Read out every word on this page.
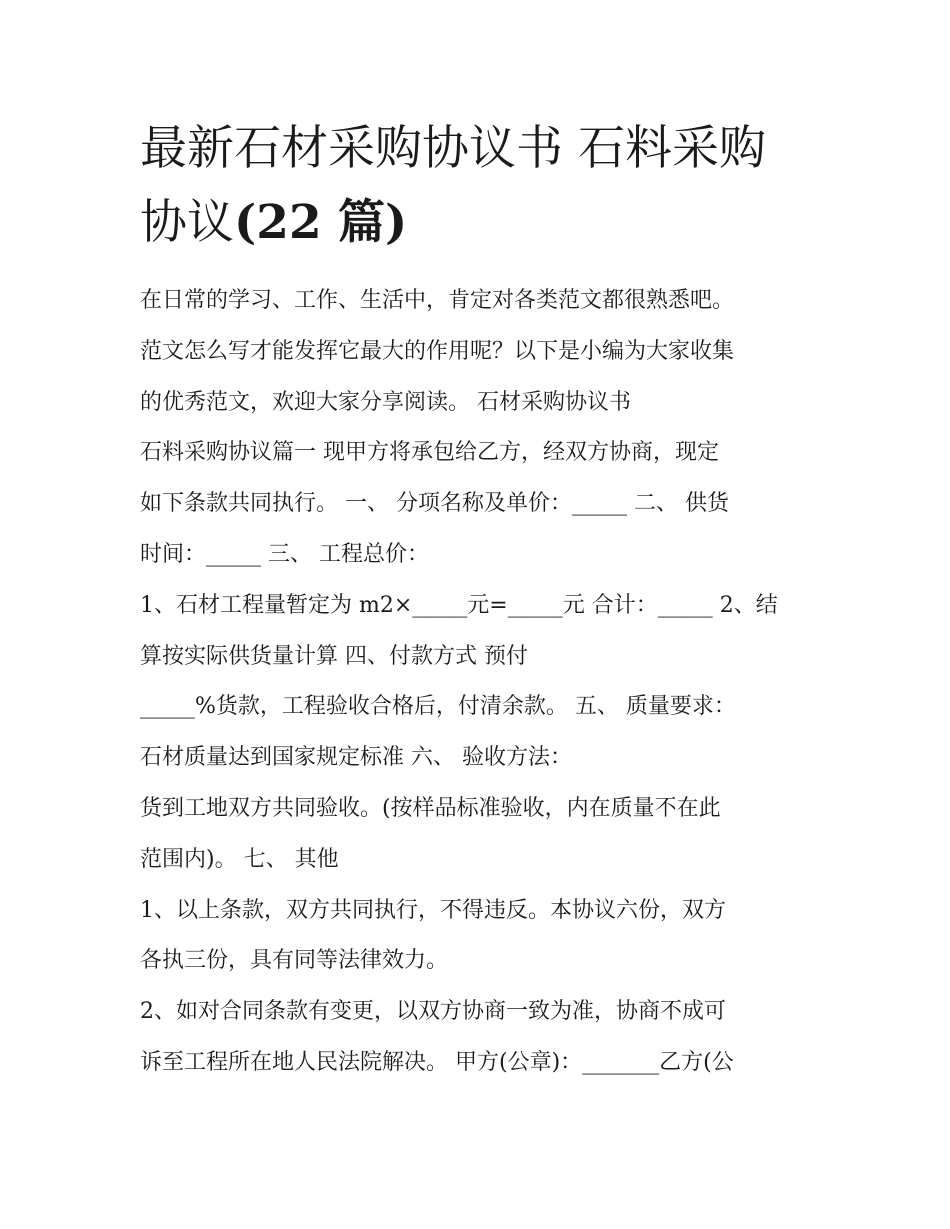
最新石材采购协议书 石料采购
协议(22 篇)
在日常的学习、工作、生活中，肯定对各类范文都很熟悉吧。
范文怎么写才能发挥它最大的作用呢？以下是小编为大家收集
的优秀范文，欢迎大家分享阅读。 石材采购协议书
石料采购协议篇一 现甲方将承包给乙方，经双方协商，现定
如下条款共同执行。 一、 分项名称及单价：_____ 二、 供货
时间：_____ 三、 工程总价：
1、石材工程量暂定为 m2×_____元=_____元 合计：_____ 2、结
算按实际供货量计算 四、付款方式 预付
_____%货款，工程验收合格后，付清余款。 五、 质量要求：
石材质量达到国家规定标准 六、 验收方法：
货到工地双方共同验收。(按样品标准验收，内在质量不在此
范围内)。 七、 其他
1、以上条款，双方共同执行，不得违反。本协议六份，双方
各执三份，具有同等法律效力。
2、如对合同条款有变更，以双方协商一致为准，协商不成可
诉至工程所在地人民法院解决。 甲方(公章)：_______乙方(公
